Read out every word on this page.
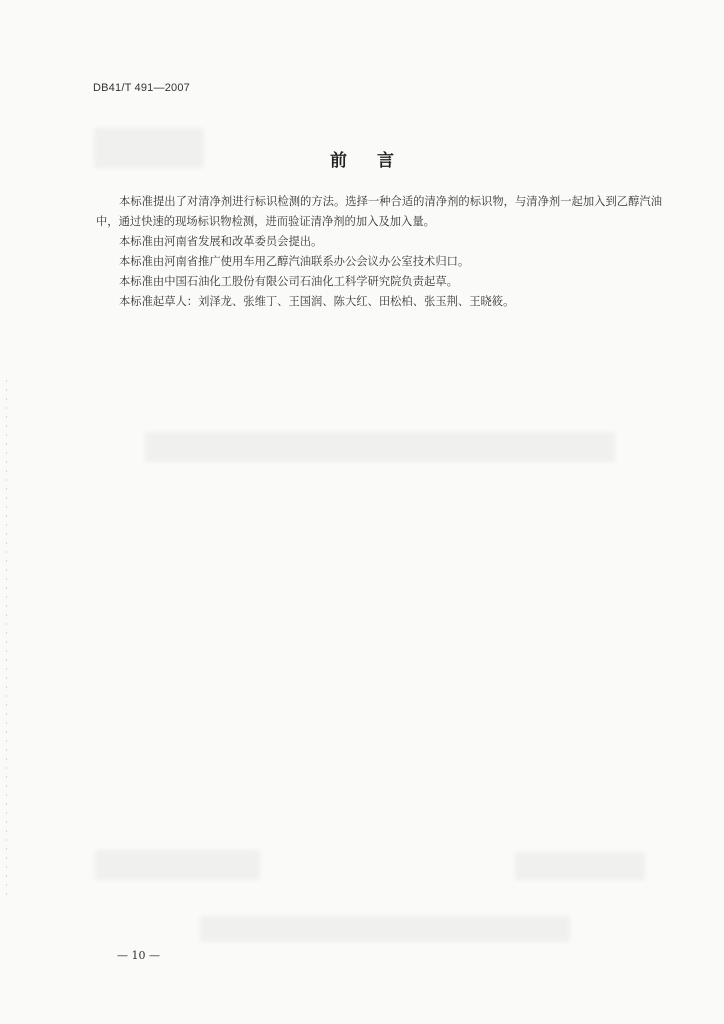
DB41/T 491—2007
前 言

本标准提出了对清净剂进行标识检测的方法。选择一种合适的清净剂的标识物，与清净剂一起加入到乙醇汽油中，通过快速的现场标识物检测，进而验证清净剂的加入及加入量。

本标准由河南省发展和改革委员会提出。

本标准由河南省推广使用车用乙醇汽油联系办公会议办公室技术归口。

本标准由中国石油化工股份有限公司石油化工科学研究院负责起草。

本标准起草人：刘泽龙、张维丁、王国润、陈大红、田松柏、张玉荆、王晓筱。

— 10 —
